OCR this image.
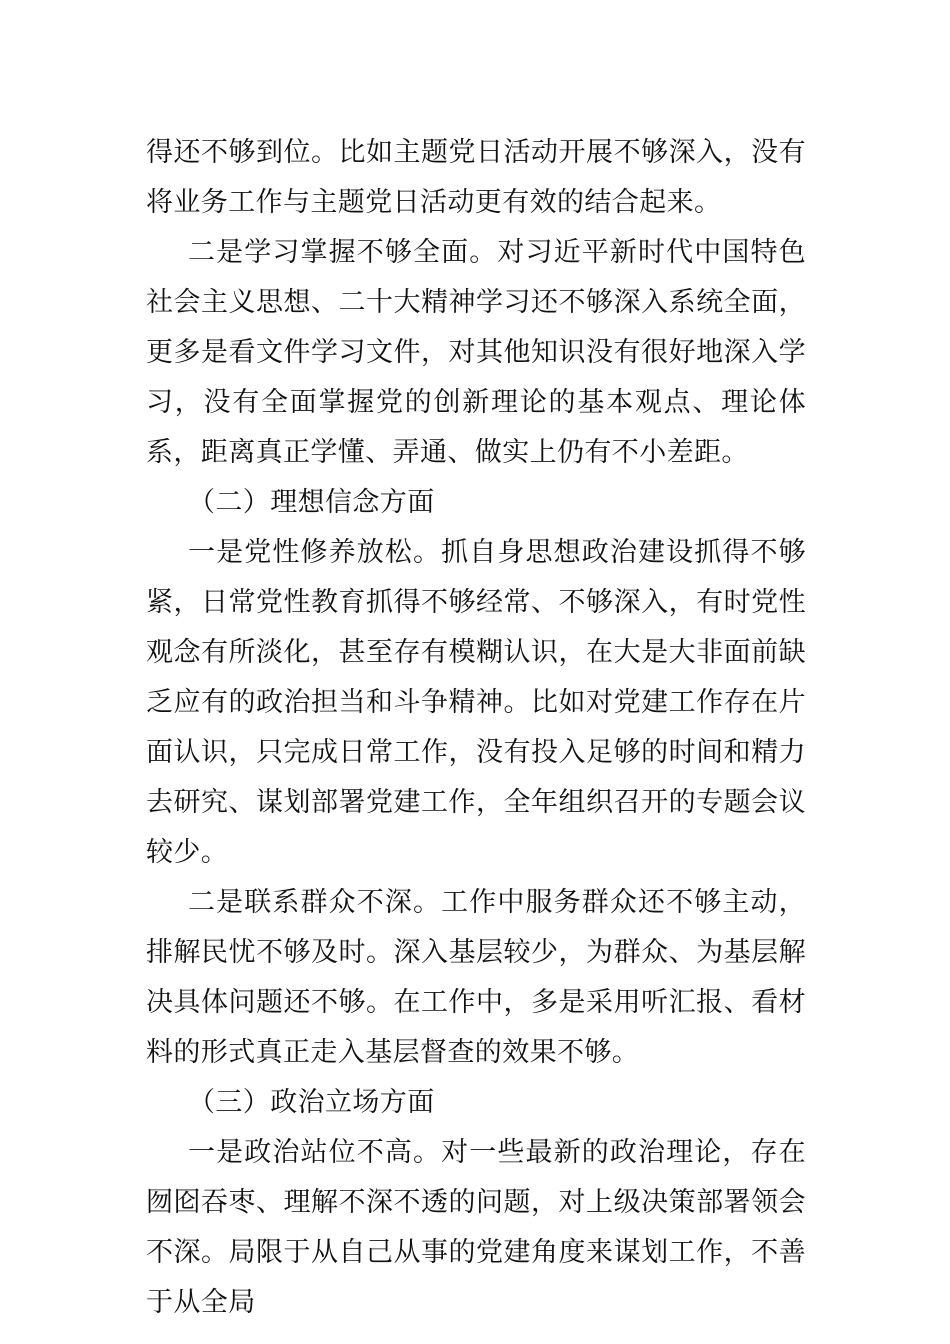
得还不够到位。比如主题党日活动开展不够深入，没有将业务工作与主题党日活动更有效的结合起来。

二是学习掌握不够全面。对习近平新时代中国特色社会主义思想、二十大精神学习还不够深入系统全面，更多是看文件学习文件，对其他知识没有很好地深入学习，没有全面掌握党的创新理论的基本观点、理论体系，距离真正学懂、弄通、做实上仍有不小差距。

（二）理想信念方面

一是党性修养放松。抓自身思想政治建设抓得不够紧，日常党性教育抓得不够经常、不够深入，有时党性观念有所淡化，甚至存有模糊认识，在大是大非面前缺乏应有的政治担当和斗争精神。比如对党建工作存在片面认识，只完成日常工作，没有投入足够的时间和精力去研究、谋划部署党建工作，全年组织召开的专题会议较少。

二是联系群众不深。工作中服务群众还不够主动，排解民忧不够及时。深入基层较少，为群众、为基层解决具体问题还不够。在工作中，多是采用听汇报、看材料的形式真正走入基层督查的效果不够。

（三）政治立场方面

一是政治站位不高。对一些最新的政治理论，存在囫囵吞枣、理解不深不透的问题，对上级决策部署领会不深。局限于从自己从事的党建角度来谋划工作，不善于从全局
